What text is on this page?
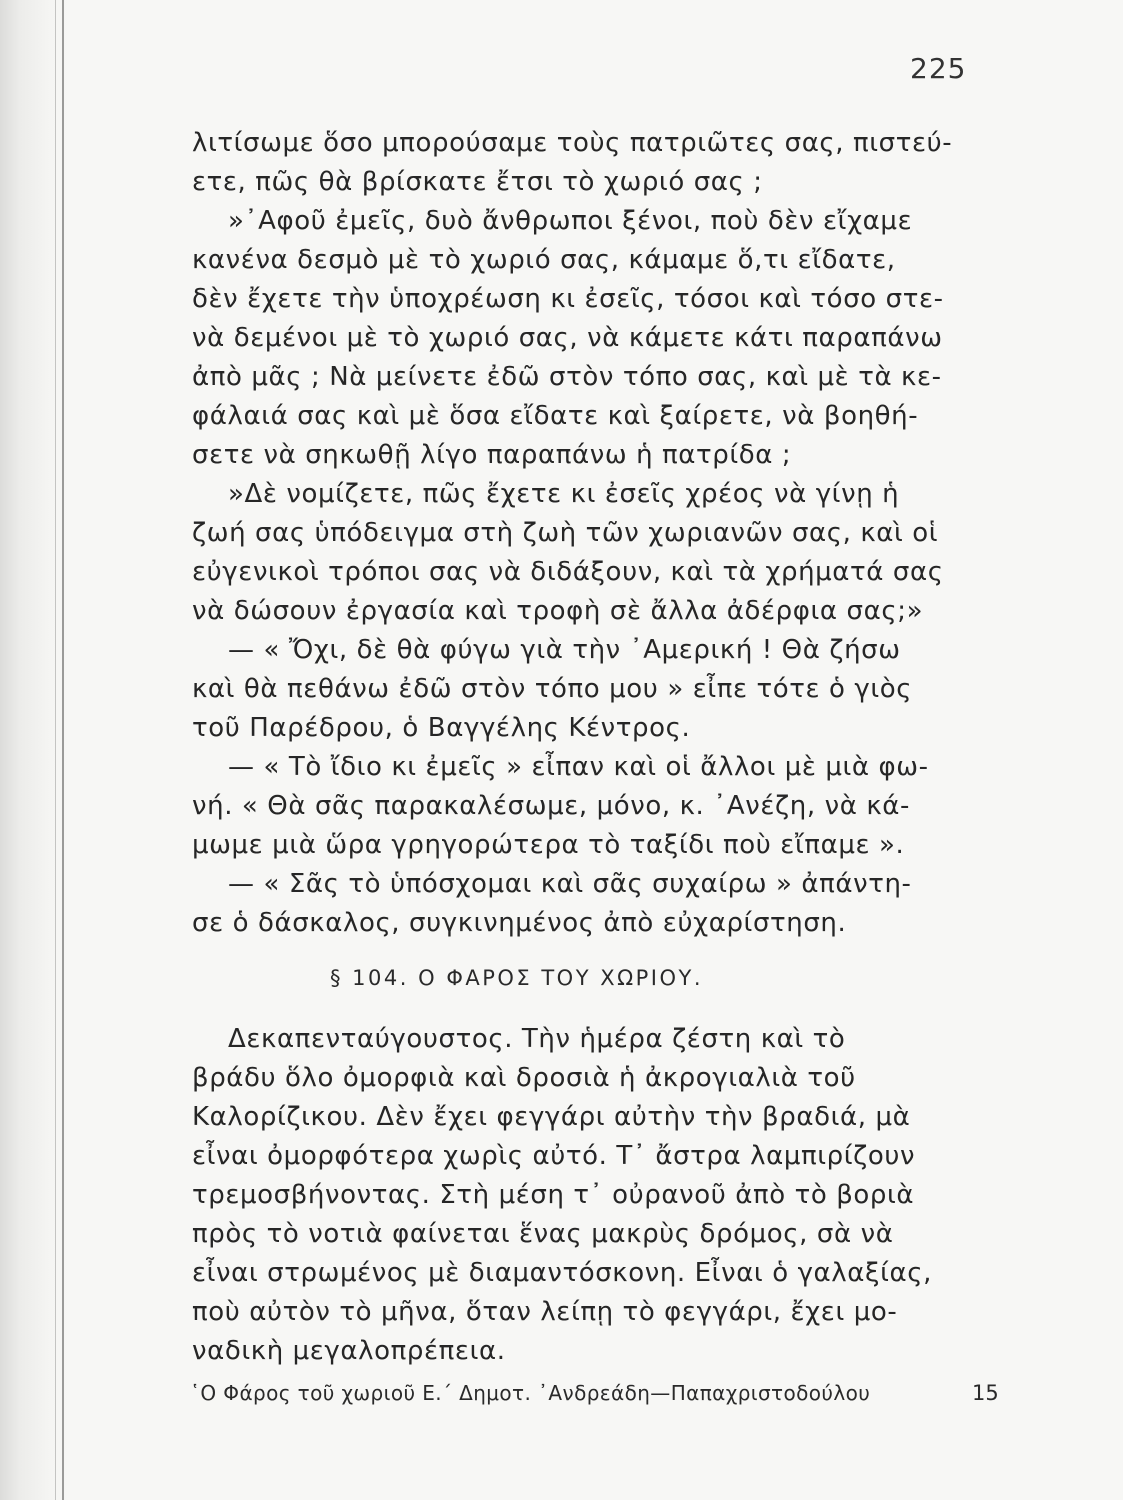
225
λιτίσωμε ὅσο μπορούσαμε τοὺς πατριῶτες σας, πιστεύ-
ετε, πῶς θὰ βρίσκατε ἔτσι τὸ χωριό σας ;
»᾿Αφοῦ ἐμεῖς, δυὸ ἄνθρωποι ξένοι, ποὺ δὲν εἴχαμε
κανένα δεσμὸ μὲ τὸ χωριό σας, κάμαμε ὅ,τι εἴδατε,
δὲν ἔχετε τὴν ὑποχρέωση κι ἐσεῖς, τόσοι καὶ τόσο στε-
νὰ δεμένοι μὲ τὸ χωριό σας, νὰ κάμετε κάτι παραπάνω
ἀπὸ μᾶς ; Νὰ μείνετε ἐδῶ στὸν τόπο σας, καὶ μὲ τὰ κε-
φάλαιά σας καὶ μὲ ὅσα εἴδατε καὶ ξαίρετε, νὰ βοηθή-
σετε νὰ σηκωθῇ λίγο παραπάνω ἡ πατρίδα ;
»Δὲ νομίζετε, πῶς ἔχετε κι ἐσεῖς χρέος νὰ γίνῃ ἡ
ζωή σας ὑπόδειγμα στὴ ζωὴ τῶν χωριανῶν σας, καὶ οἱ
εὐγενικοὶ τρόποι σας νὰ διδάξουν, καὶ τὰ χρήματά σας
νὰ δώσουν ἐργασία καὶ τροφὴ σὲ ἄλλα ἀδέρφια σας;»
— « Ὄχι, δὲ θὰ φύγω γιὰ τὴν ᾿Αμερική ! Θὰ ζήσω
καὶ θὰ πεθάνω ἐδῶ στὸν τόπο μου » εἶπε τότε ὁ γιὸς
τοῦ Παρέδρου, ὁ Βαγγέλης Κέντρος.
— « Τὸ ἴδιο κι ἐμεῖς » εἶπαν καὶ οἱ ἄλλοι μὲ μιὰ φω-
νή. « Θὰ σᾶς παρακαλέσωμε, μόνο, κ. ᾿Ανέζη, νὰ κά-
μωμε μιὰ ὥρα γρηγορώτερα τὸ ταξίδι ποὺ εἴπαμε ».
— « Σᾶς τὸ ὑπόσχομαι καὶ σᾶς συχαίρω » ἀπάντη-
σε ὁ δάσκαλος, συγκινημένος ἀπὸ εὐχαρίστηση.
§ 104. Ο ΦΑΡΟΣ ΤΟΥ ΧΩΡΙΟΥ.
Δεκαπενταύγουστος. Τὴν ἡμέρα ζέστη καὶ τὸ
βράδυ ὅλο ὀμορφιὰ καὶ δροσιὰ ἡ ἀκρογιαλιὰ τοῦ
Καλορίζικου. Δὲν ἔχει φεγγάρι αὐτὴν τὴν βραδιά, μὰ
εἶναι ὀμορφότερα χωρὶς αὐτό. Τ᾿ ἄστρα λαμπιρίζουν
τρεμοσβήνοντας. Στὴ μέση τ᾿ οὐρανοῦ ἀπὸ τὸ βοριὰ
πρὸς τὸ νοτιὰ φαίνεται ἕνας μακρὺς δρόμος, σὰ νὰ
εἶναι στρωμένος μὲ διαμαντόσκονη. Εἶναι ὁ γαλαξίας,
ποὺ αὐτὸν τὸ μῆνα, ὅταν λείπῃ τὸ φεγγάρι, ἔχει μο-
ναδικὴ μεγαλοπρέπεια.
῾Ο Φάρος τοῦ χωριοῦ Ε.΄ Δημοτ. ᾿Ανδρεάδη—Παπαχριστοδούλου	15
